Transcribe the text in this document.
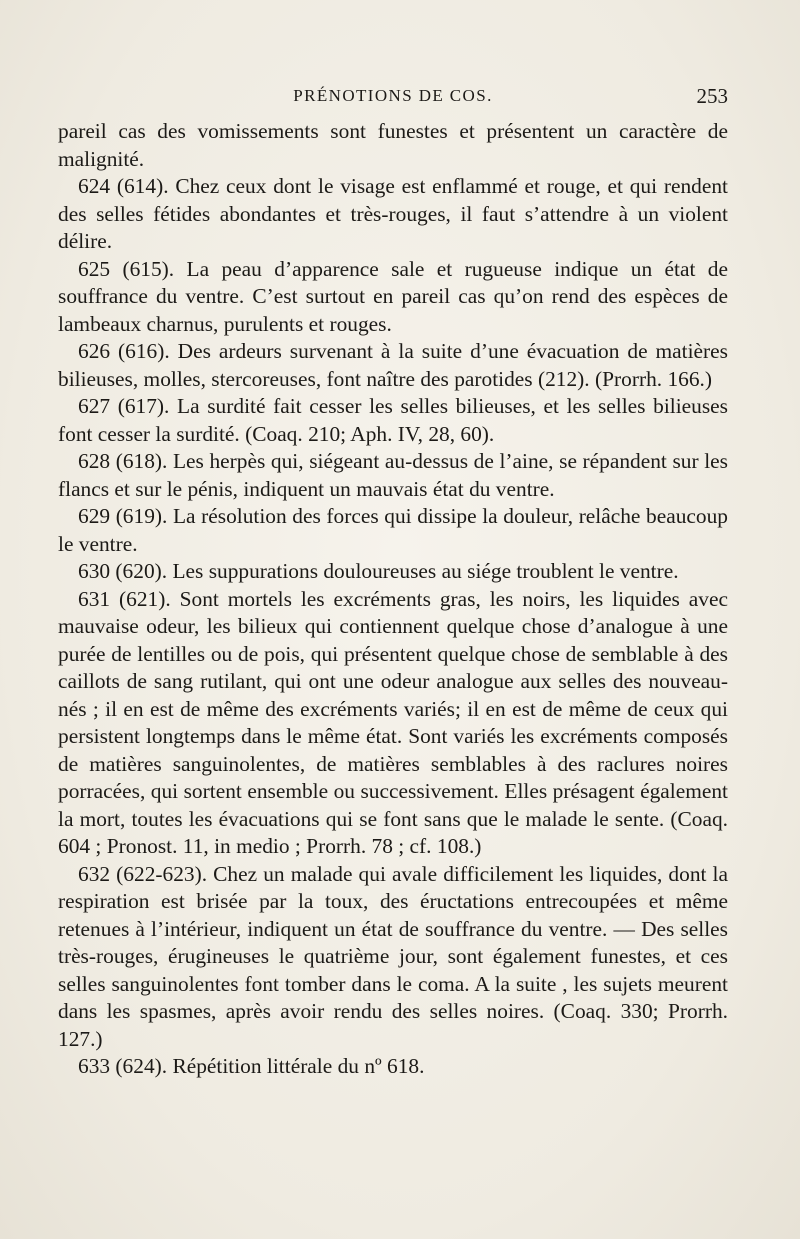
PRÉNOTIONS DE COS.	253

pareil cas des vomissements sont funestes et présentent un caractère de malignité.

624 (614). Chez ceux dont le visage est enflammé et rouge, et qui rendent des selles fétides abondantes et très-rouges, il faut s’attendre à un violent délire.

625 (615). La peau d’apparence sale et rugueuse indique un état de souffrance du ventre. C’est surtout en pareil cas qu’on rend des espèces de lambeaux charnus, purulents et rouges.

626 (616). Des ardeurs survenant à la suite d’une évacuation de matières bilieuses, molles, stercoreuses, font naître des parotides (212). (Prorrh. 166.)

627 (617). La surdité fait cesser les selles bilieuses, et les selles bilieuses font cesser la surdité. (Coaq. 210; Aph. IV, 28, 60).

628 (618). Les herpès qui, siégeant au-dessus de l’aine, se répandent sur les flancs et sur le pénis, indiquent un mauvais état du ventre.

629 (619). La résolution des forces qui dissipe la douleur, relâche beaucoup le ventre.

630 (620). Les suppurations douloureuses au siége troublent le ventre.

631 (621). Sont mortels les excréments gras, les noirs, les liquides avec mauvaise odeur, les bilieux qui contiennent quelque chose d’analogue à une purée de lentilles ou de pois, qui présentent quelque chose de semblable à des caillots de sang rutilant, qui ont une odeur analogue aux selles des nouveau-nés ; il en est de même des excréments variés; il en est de même de ceux qui persistent longtemps dans le même état. Sont variés les excréments composés de matières sanguinolentes, de matières semblables à des raclures noires porracées, qui sortent ensemble ou successivement. Elles présagent également la mort, toutes les évacuations qui se font sans que le malade le sente. (Coaq. 604 ; Pronost. 11, in medio ; Prorrh. 78 ; cf. 108.)

632 (622-623). Chez un malade qui avale difficilement les liquides, dont la respiration est brisée par la toux, des éructations entrecoupées et même retenues à l’intérieur, indiquent un état de souffrance du ventre. — Des selles très-rouges, érugineuses le quatrième jour, sont également funestes, et ces selles sanguinolentes font tomber dans le coma. A la suite , les sujets meurent dans les spasmes, après avoir rendu des selles noires. (Coaq. 330; Prorrh. 127.)

633 (624). Répétition littérale du nº 618.
